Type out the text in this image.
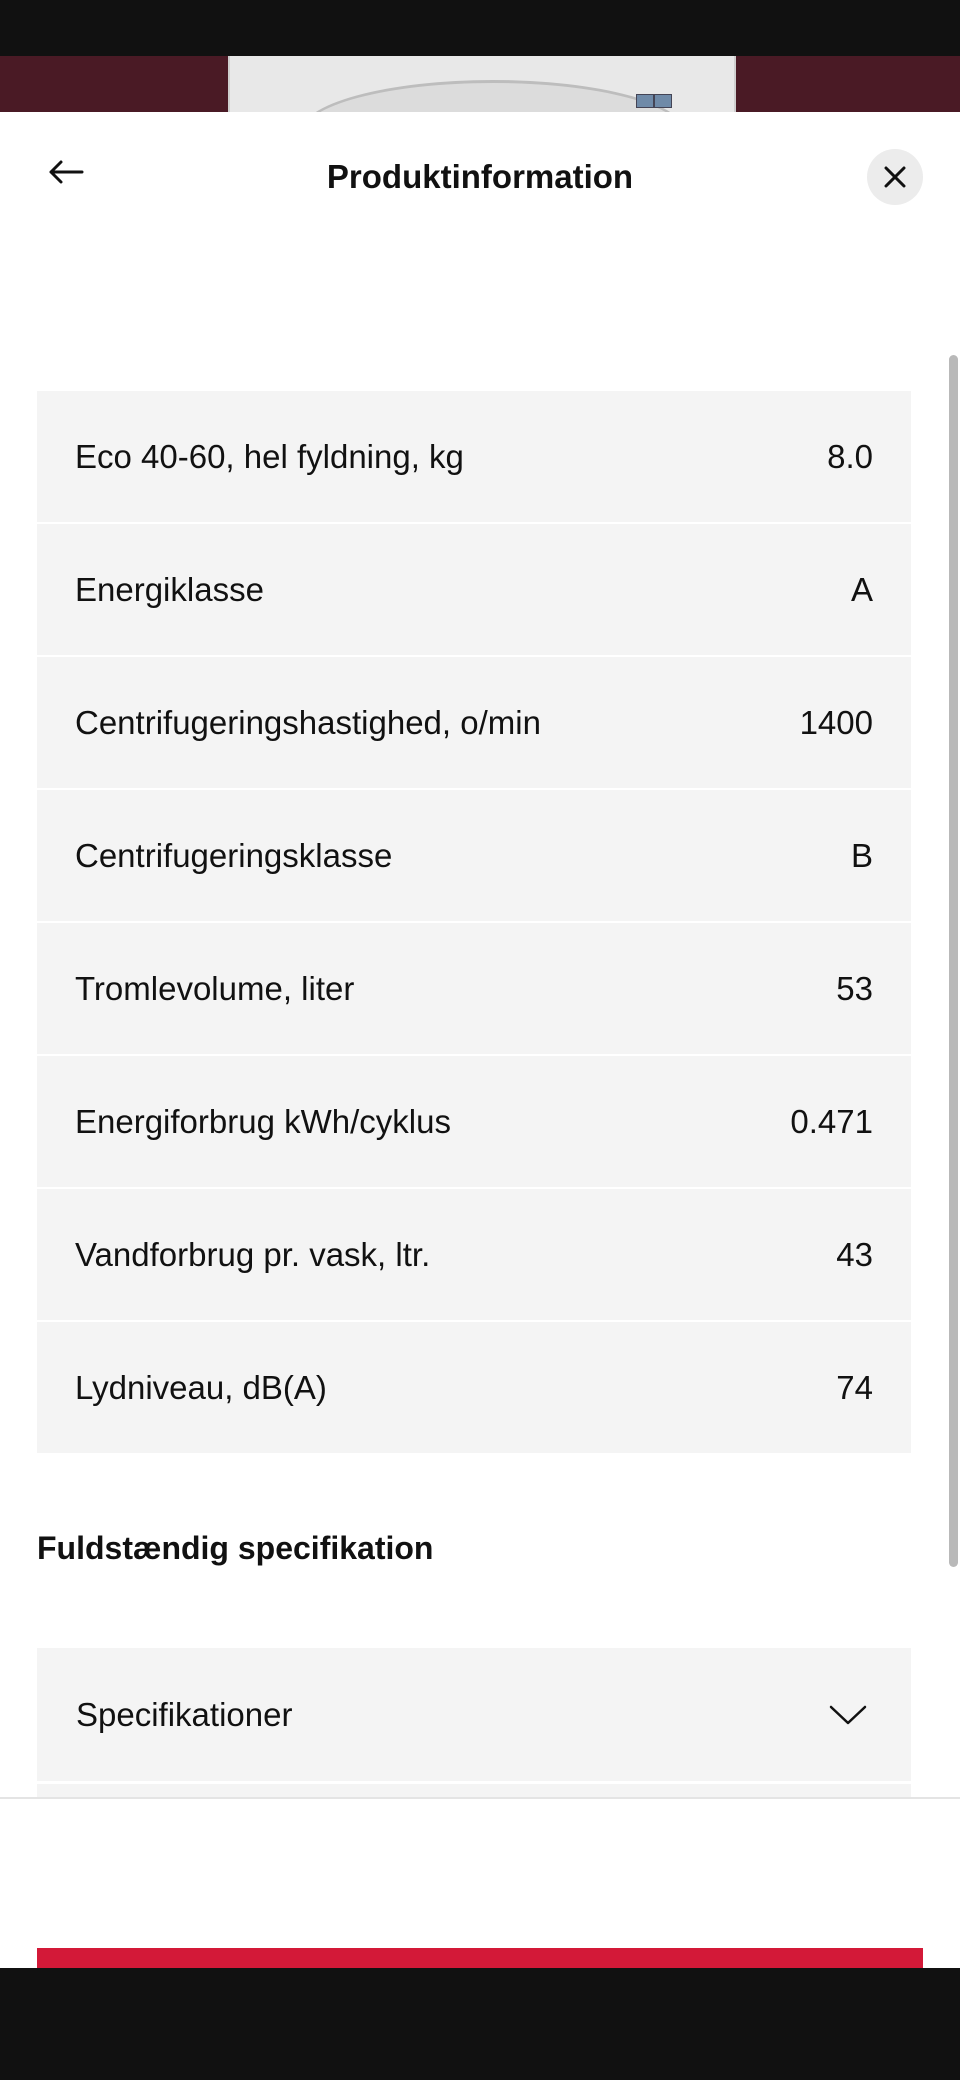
Produktinformation
Eco 40-60, hel fyldning, kg	8.0
Energiklasse	A
Centrifugeringshastighed, o/min	1400
Centrifugeringsklasse	B
Tromlevolume, liter	53
Energiforbrug kWh/cyklus	0.471
Vandforbrug pr. vask, ltr.	43
Lydniveau, dB(A)	74
Fuldstændig specifikation
Specifikationer
